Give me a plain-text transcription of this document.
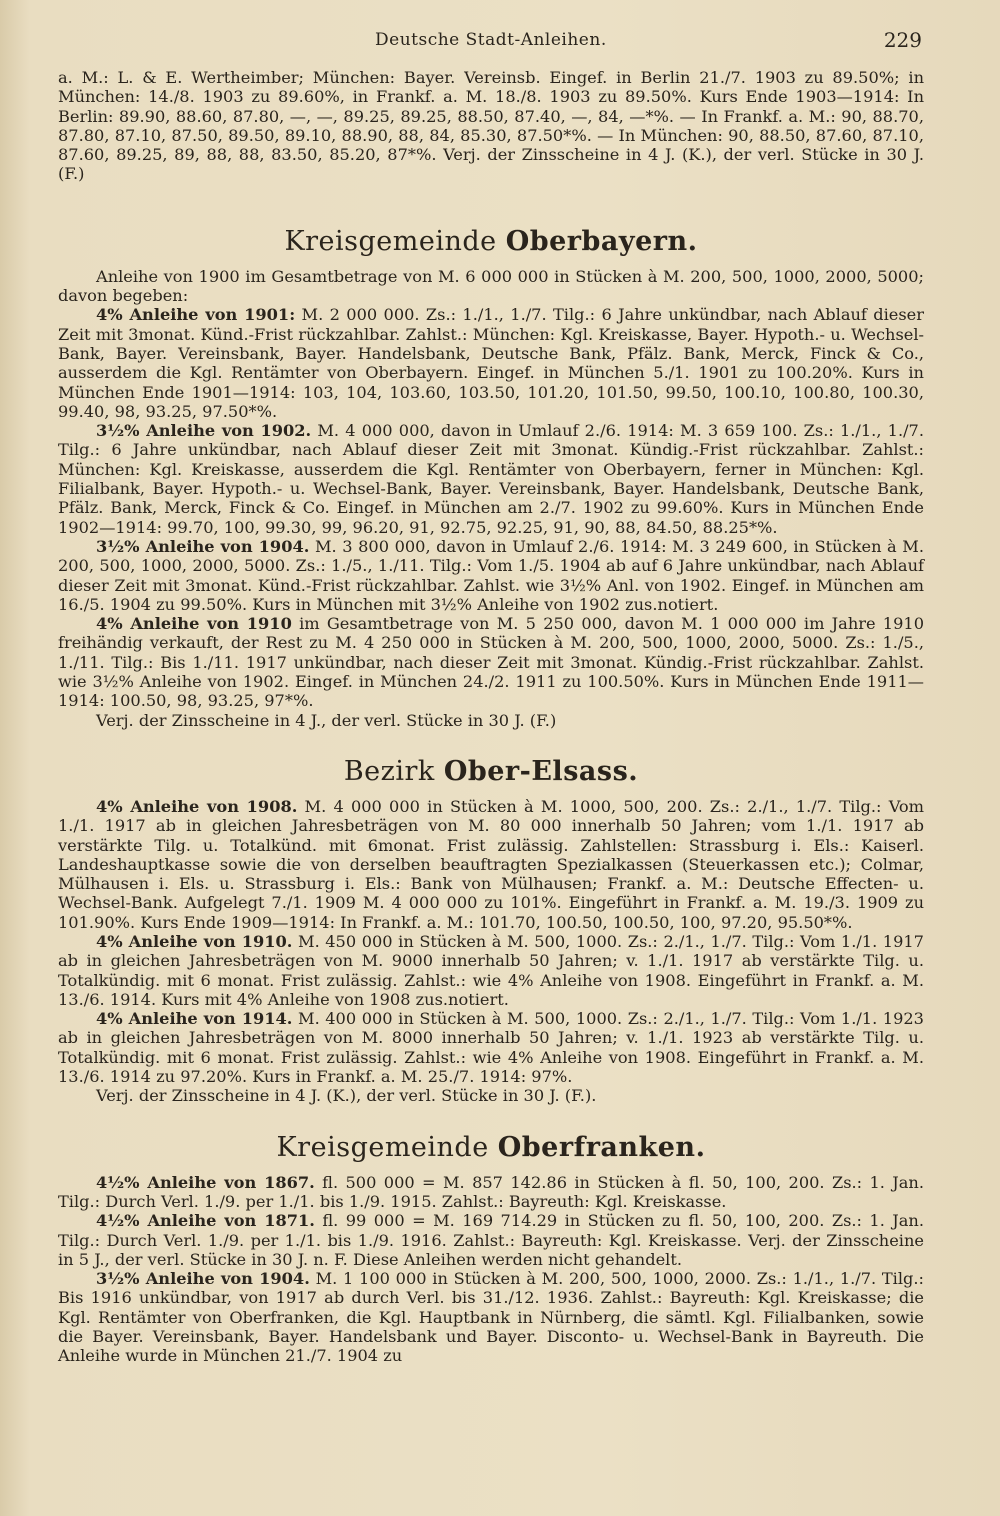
Deutsche Stadt-Anleihen.	229

a. M.: L. & E. Wertheimber; München: Bayer. Vereinsb. Eingef. in Berlin 21./7. 1903 zu 89.50%; in München: 14./8. 1903 zu 89.60%, in Frankf. a. M. 18./8. 1903 zu 89.50%. Kurs Ende 1903—1914: In Berlin: 89.90, 88.60, 87.80, —, —, 89.25, 89.25, 88.50, 87.40, —, 84, —*%. — In Frankf. a. M.: 90, 88.70, 87.80, 87.10, 87.50, 89.50, 89.10, 88.90, 88, 84, 85.30, 87.50*%. — In München: 90, 88.50, 87.60, 87.10, 87.60, 89.25, 89, 88, 88, 83.50, 85.20, 87*%. Verj. der Zinsscheine in 4 J. (K.), der verl. Stücke in 30 J. (F.)

Kreisgemeinde Oberbayern.

Anleihe von 1900 im Gesamtbetrage von M. 6 000 000 in Stücken à M. 200, 500, 1000, 2000, 5000; davon begeben:

4% Anleihe von 1901: M. 2 000 000. Zs.: 1./1., 1./7. Tilg.: 6 Jahre unkündbar, nach Ablauf dieser Zeit mit 3monat. Künd.-Frist rückzahlbar. Zahlst.: München: Kgl. Kreiskasse, Bayer. Hypoth.- u. Wechsel-Bank, Bayer. Vereinsbank, Bayer. Handelsbank, Deutsche Bank, Pfälz. Bank, Merck, Finck & Co., ausserdem die Kgl. Rentämter von Oberbayern. Eingef. in München 5./1. 1901 zu 100.20%. Kurs in München Ende 1901—1914: 103, 104, 103.60, 103.50, 101.20, 101.50, 99.50, 100.10, 100.80, 100.30, 99.40, 98, 93.25, 97.50*%.

3½% Anleihe von 1902. M. 4 000 000, davon in Umlauf 2./6. 1914: M. 3 659 100. Zs.: 1./1., 1./7. Tilg.: 6 Jahre unkündbar, nach Ablauf dieser Zeit mit 3monat. Kündig.-Frist rückzahlbar. Zahlst.: München: Kgl. Kreiskasse, ausserdem die Kgl. Rentämter von Oberbayern, ferner in München: Kgl. Filialbank, Bayer. Hypoth.- u. Wechsel-Bank, Bayer. Vereinsbank, Bayer. Handelsbank, Deutsche Bank, Pfälz. Bank, Merck, Finck & Co. Eingef. in München am 2./7. 1902 zu 99.60%. Kurs in München Ende 1902—1914: 99.70, 100, 99.30, 99, 96.20, 91, 92.75, 92.25, 91, 90, 88, 84.50, 88.25*%.

3½% Anleihe von 1904. M. 3 800 000, davon in Umlauf 2./6. 1914: M. 3 249 600, in Stücken à M. 200, 500, 1000, 2000, 5000. Zs.: 1./5., 1./11. Tilg.: Vom 1./5. 1904 ab auf 6 Jahre unkündbar, nach Ablauf dieser Zeit mit 3monat. Künd.-Frist rückzahlbar. Zahlst. wie 3½% Anl. von 1902. Eingef. in München am 16./5. 1904 zu 99.50%. Kurs in München mit 3½% Anleihe von 1902 zus.notiert.

4% Anleihe von 1910 im Gesamtbetrage von M. 5 250 000, davon M. 1 000 000 im Jahre 1910 freihändig verkauft, der Rest zu M. 4 250 000 in Stücken à M. 200, 500, 1000, 2000, 5000. Zs.: 1./5., 1./11. Tilg.: Bis 1./11. 1917 unkündbar, nach dieser Zeit mit 3monat. Kündig.-Frist rückzahlbar. Zahlst. wie 3½% Anleihe von 1902. Eingef. in München 24./2. 1911 zu 100.50%. Kurs in München Ende 1911—1914: 100.50, 98, 93.25, 97*%.

Verj. der Zinsscheine in 4 J., der verl. Stücke in 30 J. (F.)

Bezirk Ober-Elsass.

4% Anleihe von 1908. M. 4 000 000 in Stücken à M. 1000, 500, 200. Zs.: 2./1., 1./7. Tilg.: Vom 1./1. 1917 ab in gleichen Jahresbeträgen von M. 80 000 innerhalb 50 Jahren; vom 1./1. 1917 ab verstärkte Tilg. u. Totalkünd. mit 6monat. Frist zulässig. Zahlstellen: Strassburg i. Els.: Kaiserl. Landeshauptkasse sowie die von derselben beauftragten Spezialkassen (Steuerkassen etc.); Colmar, Mülhausen i. Els. u. Strassburg i. Els.: Bank von Mülhausen; Frankf. a. M.: Deutsche Effecten- u. Wechsel-Bank. Aufgelegt 7./1. 1909 M. 4 000 000 zu 101%. Eingeführt in Frankf. a. M. 19./3. 1909 zu 101.90%. Kurs Ende 1909—1914: In Frankf. a. M.: 101.70, 100.50, 100.50, 100, 97.20, 95.50*%.

4% Anleihe von 1910. M. 450 000 in Stücken à M. 500, 1000. Zs.: 2./1., 1./7. Tilg.: Vom 1./1. 1917 ab in gleichen Jahresbeträgen von M. 9000 innerhalb 50 Jahren; v. 1./1. 1917 ab verstärkte Tilg. u. Totalkündig. mit 6 monat. Frist zulässig. Zahlst.: wie 4% Anleihe von 1908. Eingeführt in Frankf. a. M. 13./6. 1914. Kurs mit 4% Anleihe von 1908 zus.notiert.

4% Anleihe von 1914. M. 400 000 in Stücken à M. 500, 1000. Zs.: 2./1., 1./7. Tilg.: Vom 1./1. 1923 ab in gleichen Jahresbeträgen von M. 8000 innerhalb 50 Jahren; v. 1./1. 1923 ab verstärkte Tilg. u. Totalkündig. mit 6 monat. Frist zulässig. Zahlst.: wie 4% Anleihe von 1908. Eingeführt in Frankf. a. M. 13./6. 1914 zu 97.20%. Kurs in Frankf. a. M. 25./7. 1914: 97%.

Verj. der Zinsscheine in 4 J. (K.), der verl. Stücke in 30 J. (F.).

Kreisgemeinde Oberfranken.

4½% Anleihe von 1867. fl. 500 000 = M. 857 142.86 in Stücken à fl. 50, 100, 200. Zs.: 1. Jan. Tilg.: Durch Verl. 1./9. per 1./1. bis 1./9. 1915. Zahlst.: Bayreuth: Kgl. Kreiskasse.

4½% Anleihe von 1871. fl. 99 000 = M. 169 714.29 in Stücken zu fl. 50, 100, 200. Zs.: 1. Jan. Tilg.: Durch Verl. 1./9. per 1./1. bis 1./9. 1916. Zahlst.: Bayreuth: Kgl. Kreiskasse. Verj. der Zinsscheine in 5 J., der verl. Stücke in 30 J. n. F. Diese Anleihen werden nicht gehandelt.

3½% Anleihe von 1904. M. 1 100 000 in Stücken à M. 200, 500, 1000, 2000. Zs.: 1./1., 1./7. Tilg.: Bis 1916 unkündbar, von 1917 ab durch Verl. bis 31./12. 1936. Zahlst.: Bayreuth: Kgl. Kreiskasse; die Kgl. Rentämter von Oberfranken, die Kgl. Hauptbank in Nürnberg, die sämtl. Kgl. Filialbanken, sowie die Bayer. Vereinsbank, Bayer. Handelsbank und Bayer. Disconto- u. Wechsel-Bank in Bayreuth. Die Anleihe wurde in München 21./7. 1904 zu
